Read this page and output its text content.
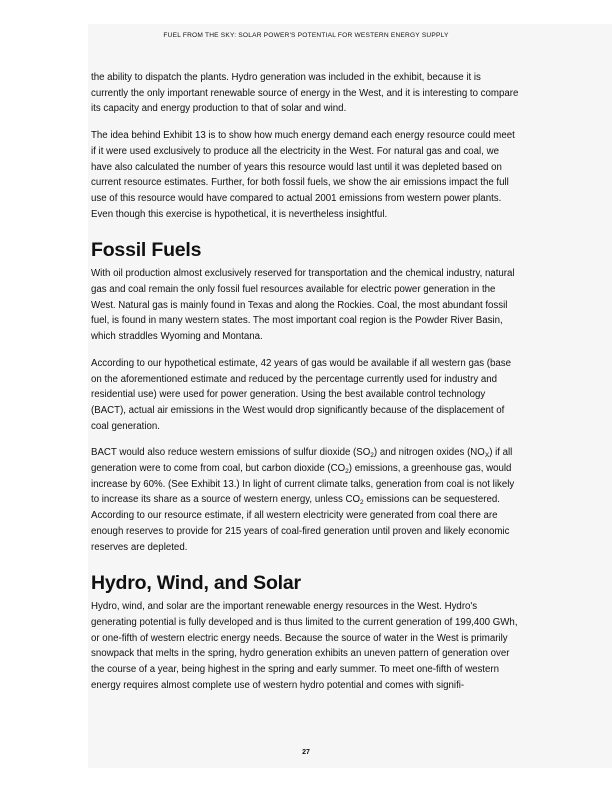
FUEL FROM THE SKY: SOLAR POWER'S POTENTIAL FOR WESTERN ENERGY SUPPLY

the ability to dispatch the plants. Hydro generation was included in the exhibit, because it is currently the only important renewable source of energy in the West, and it is interesting to compare its capacity and energy production to that of solar and wind.

The idea behind Exhibit 13 is to show how much energy demand each energy resource could meet if it were used exclusively to produce all the electricity in the West. For natural gas and coal, we have also calculated the number of years this resource would last until it was depleted based on current resource estimates. Further, for both fossil fuels, we show the air emissions impact the full use of this resource would have compared to actual 2001 emissions from western power plants. Even though this exercise is hypothetical, it is nevertheless insightful.

Fossil Fuels

With oil production almost exclusively reserved for transportation and the chemical industry, natural gas and coal remain the only fossil fuel resources available for electric power generation in the West. Natural gas is mainly found in Texas and along the Rockies. Coal, the most abundant fossil fuel, is found in many western states. The most important coal region is the Powder River Basin, which straddles Wyoming and Montana.

According to our hypothetical estimate, 42 years of gas would be available if all western gas (base on the aforementioned estimate and reduced by the percentage currently used for industry and residential use) were used for power generation. Using the best available control technology (BACT), actual air emissions in the West would drop significantly because of the displacement of coal generation.

BACT would also reduce western emissions of sulfur dioxide $(SO_2)$ and nitrogen oxides $(NO_X)$ if all generation were to come from coal, but carbon dioxide $(CO_2)$ emissions, a greenhouse gas, would increase by 60%. (See Exhibit 13.) In light of current climate talks, generation from coal is not likely to increase its share as a source of western energy, unless $CO_2$ emissions can be sequestered. According to our resource estimate, if all western electricity were generated from coal there are enough reserves to provide for 215 years of coal-fired generation until proven and likely economic reserves are depleted.

Hydro, Wind, and Solar

Hydro, wind, and solar are the important renewable energy resources in the West. Hydro's generating potential is fully developed and is thus limited to the current generation of 199,400 GWh, or one-fifth of western electric energy needs. Because the source of water in the West is primarily snowpack that melts in the spring, hydro generation exhibits an uneven pattern of generation over the course of a year, being highest in the spring and early summer. To meet one-fifth of western energy requires almost complete use of western hydro potential and comes with signifi-

27
